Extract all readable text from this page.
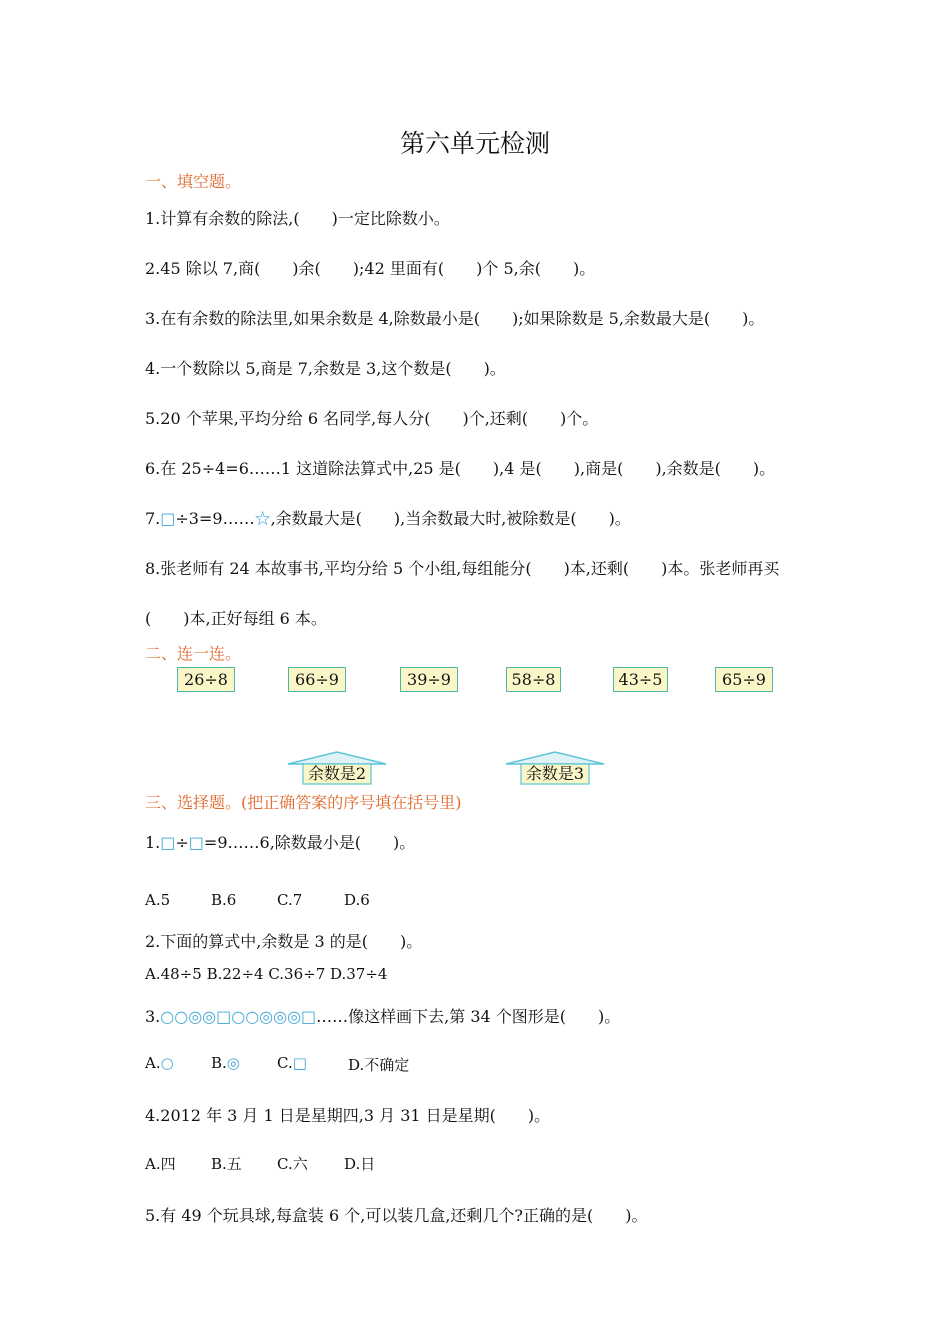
第六单元检测
一、填空题。
1.计算有余数的除法,(　　)一定比除数小。
2.45 除以 7,商(　　)余(　　);42 里面有(　　)个 5,余(　　)。
3.在有余数的除法里,如果余数是 4,除数最小是(　　);如果除数是 5,余数最大是(　　)。
4.一个数除以 5,商是 7,余数是 3,这个数是(　　)。
5.20 个苹果,平均分给 6 名同学,每人分(　　)个,还剩(　　)个。
6.在 25÷4=6……1 这道除法算式中,25 是(　　),4 是(　　),商是(　　),余数是(　　)。
7.□÷3=9……☆,余数最大是(　　),当余数最大时,被除数是(　　)。
8.张老师有 24 本故事书,平均分给 5 个小组,每组能分(　　)本,还剩(　　)本。张老师再买
(　　)本,正好每组 6 本。
二、连一连。
26÷8	66÷9	39÷9	58÷8	43÷5	65÷9
余数是2	余数是3
三、选择题。(把正确答案的序号填在括号里)
1.□÷□=9……6,除数最小是(　　)。
A.5	B.6	C.7	D.6
2.下面的算式中,余数是 3 的是(　　)。
A.48÷5 B.22÷4 C.36÷7 D.37÷4
3.○○◎◎□○○◎◎◎□……像这样画下去,第 34 个图形是(　　)。
A.○ B.◎ C.□	D.不确定
4.2012 年 3 月 1 日是星期四,3 月 31 日是星期(　　)。
A.四 B.五 C.六 D.日
5.有 49 个玩具球,每盒装 6 个,可以装几盒,还剩几个?正确的是(　　)。
